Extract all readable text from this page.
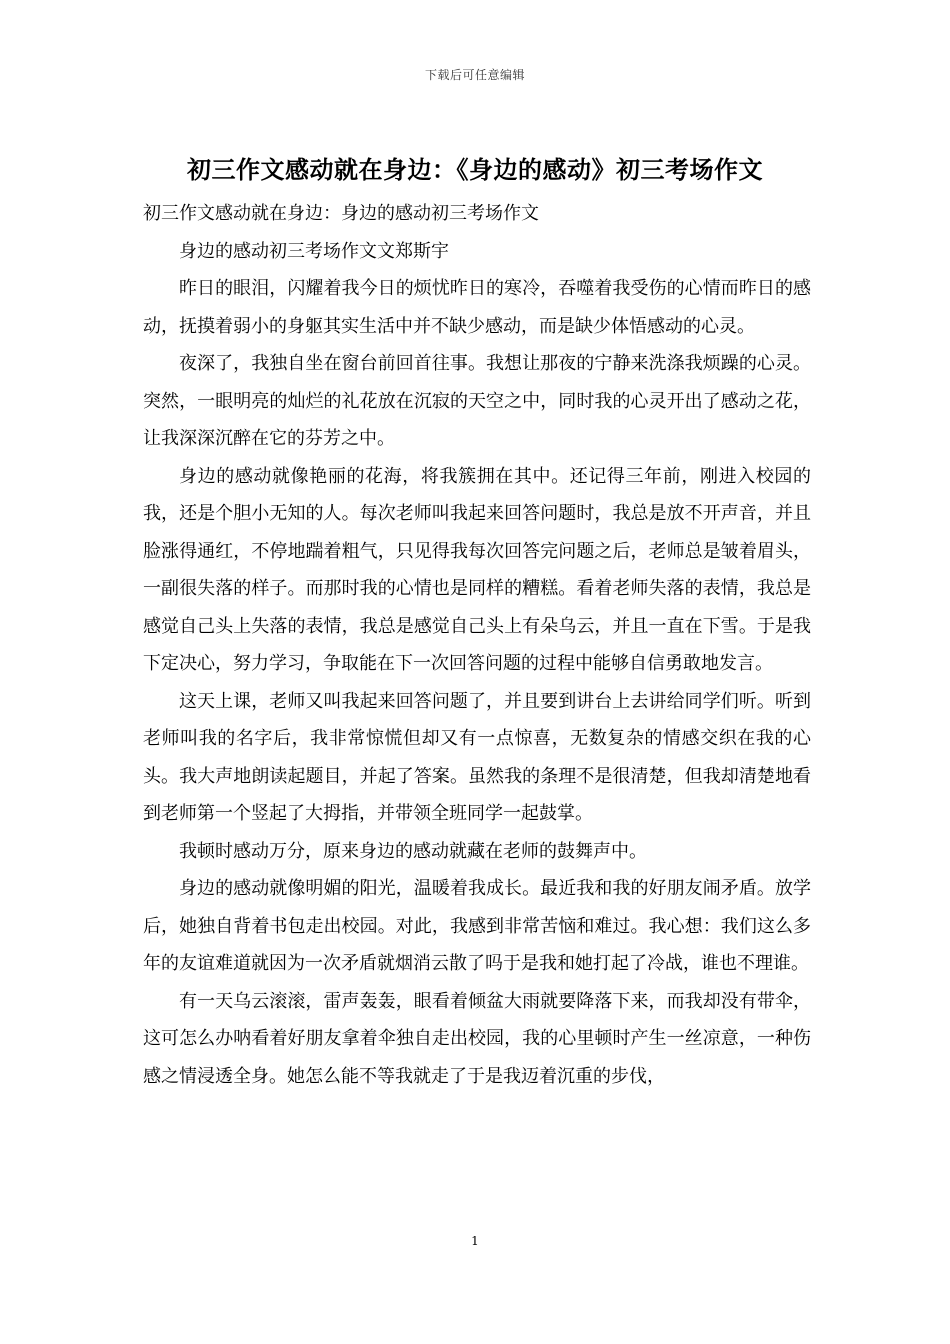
下载后可任意编辑
初三作文感动就在身边：《身边的感动》初三考场作文

初三作文感动就在身边：身边的感动初三考场作文

身边的感动初三考场作文文郑斯宇

昨日的眼泪，闪耀着我今日的烦忧昨日的寒冷，吞噬着我受伤的心情而昨日的感动，抚摸着弱小的身躯其实生活中并不缺少感动，而是缺少体悟感动的心灵。

夜深了，我独自坐在窗台前回首往事。我想让那夜的宁静来洗涤我烦躁的心灵。突然，一眼明亮的灿烂的礼花放在沉寂的天空之中，同时我的心灵开出了感动之花，让我深深沉醉在它的芬芳之中。

身边的感动就像艳丽的花海，将我簇拥在其中。还记得三年前，刚进入校园的我，还是个胆小无知的人。每次老师叫我起来回答问题时，我总是放不开声音，并且脸涨得通红，不停地踹着粗气，只见得我每次回答完问题之后，老师总是皱着眉头，一副很失落的样子。而那时我的心情也是同样的糟糕。看着老师失落的表情，我总是感觉自己头上失落的表情，我总是感觉自己头上有朵乌云，并且一直在下雪。于是我下定决心，努力学习，争取能在下一次回答问题的过程中能够自信勇敢地发言。

这天上课，老师又叫我起来回答问题了，并且要到讲台上去讲给同学们听。听到老师叫我的名字后，我非常惊慌但却又有一点惊喜，无数复杂的情感交织在我的心头。我大声地朗读起题目，并起了答案。虽然我的条理不是很清楚，但我却清楚地看到老师第一个竖起了大拇指，并带领全班同学一起鼓掌。

我顿时感动万分，原来身边的感动就藏在老师的鼓舞声中。

身边的感动就像明媚的阳光，温暖着我成长。最近我和我的好朋友闹矛盾。放学后，她独自背着书包走出校园。对此，我感到非常苦恼和难过。我心想：我们这么多年的友谊难道就因为一次矛盾就烟消云散了吗于是我和她打起了冷战，谁也不理谁。

有一天乌云滚滚，雷声轰轰，眼看着倾盆大雨就要降落下来，而我却没有带伞，这可怎么办呐看着好朋友拿着伞独自走出校园，我的心里顿时产生一丝凉意，一种伤感之情浸透全身。她怎么能不等我就走了于是我迈着沉重的步伐，

1
